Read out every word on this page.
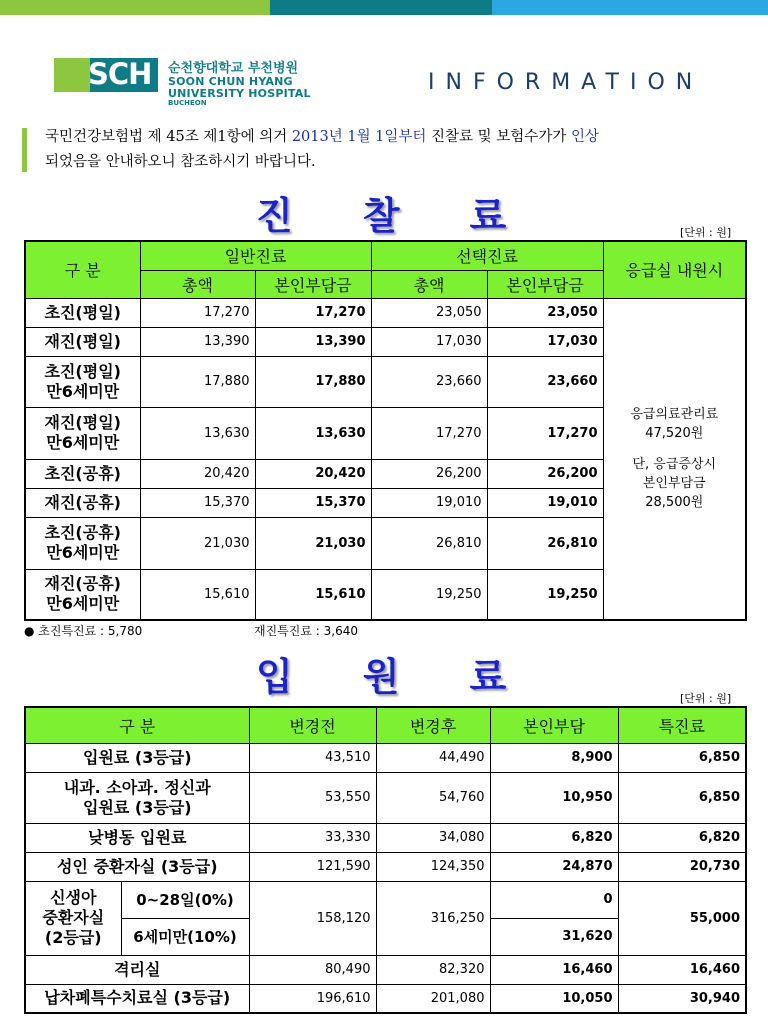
SCH 순천향대학교 부천병원
SOON CHUN HYANG
UNIVERSITY HOSPITAL
BUCHEON
INFORMATION
국민건강보험법 제 45조 제1항에 의거 2013년 1월 1일부터 진찰료 및 보험수가가 인상
되었음을 안내하오니 참조하시기 바랍니다.
진 찰 료	[단위 : 원]
구 분	일반진료		선택진료		응급실 내원시
	총액	본인부담금	총액	본인부담금	
초진(평일)	17,270	17,270	23,050	23,050	응급의료관리료
47,520원
단, 응급증상시
본인부담금
28,500원

재진(평일)	13,390	13,390	17,030	17,030	

초진(평일)
만6세미만	17,880	17,880	23,660	23,660	

재진(평일)
만6세미만	13,630	13,630	17,270	17,270	
초진(공휴)	20,420	20,420	26,200	26,200	
재진(공휴)	15,370	15,370	19,010	19,010	

초진(공휴)
만6세미만	21,030	21,030	26,810	26,810	

재진(공휴)
만6세미만	15,610	15,610	19,250	19,250	
● 초진특진료 : 5,780	재진특진료 : 3,640
입 원 료	[단위 : 원]
구 분		변경전	변경후	본인부담	특진료
입원료 (3등급)		43,510	44,490	8,900	6,850

내과. 소아과. 정신과
입원료 (3등급)		53,550	54,760	10,950	6,850
낮병동 입원료		33,330	34,080	6,820	6,820
성인 중환자실 (3등급)		121,590	124,350	24,870	20,730

신생아
중환자실
(2등급)	0~28일(0%)	158,120	316,250	0	55,000
	6세미만(10%)			31,620	
격리실		80,490	82,320	16,460	16,460
납차폐특수치료실 (3등급)		196,610	201,080	10,050	30,940
